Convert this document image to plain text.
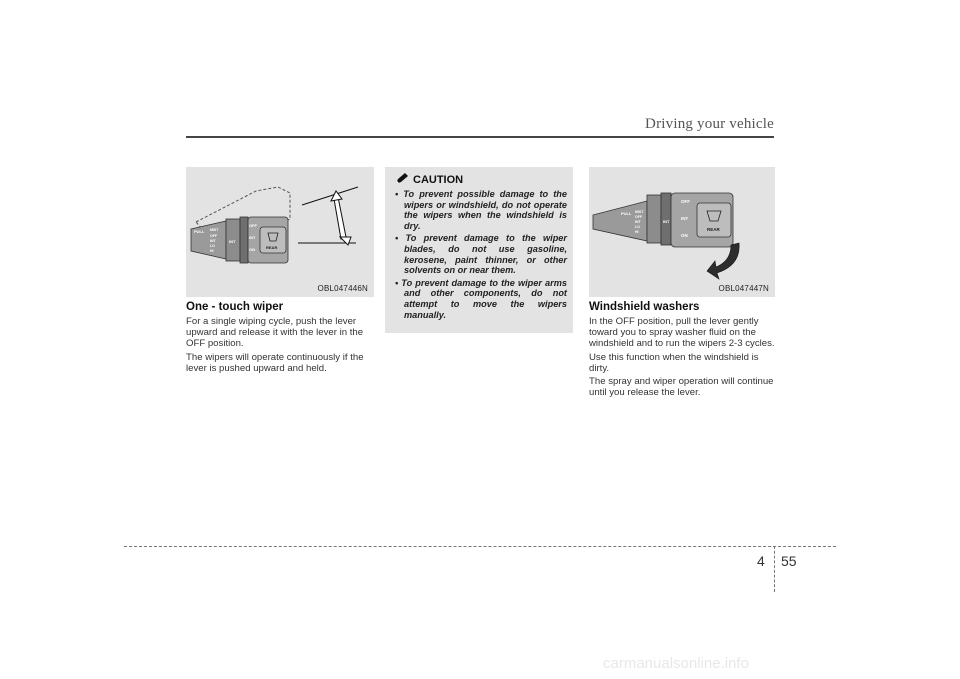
Driving your vehicle
PULL MIST
OFF
INT
LO
HI
INT
OFF
INT
ON	REAR
OBL047446N
One - touch wiper

For a single wiping cycle, push the lever upward and release it with the lever in the OFF position.

The wipers will operate continuously if the lever is pushed upward and held.

CAUTION
• To prevent possible damage to the wipers or windshield, do not operate the wipers when the windshield is dry.
• To prevent damage to the wiper blades, do not use gasoline, kerosene, paint thinner, or other solvents on or near them.
• To prevent damage to the wiper arms and other components, do not attempt to move the wipers manually.
PULL MIST
OFF
INT
LO
HI
INT
OFF
INT
ON
REAR
OBL047447N
Windshield washers

In the OFF position, pull the lever gently toward you to spray washer fluid on the windshield and to run the wipers 2-3 cycles.

Use this function when the windshield is dirty.

The spray and wiper operation will continue until you release the lever.

4 55
carmanualsonline.info
